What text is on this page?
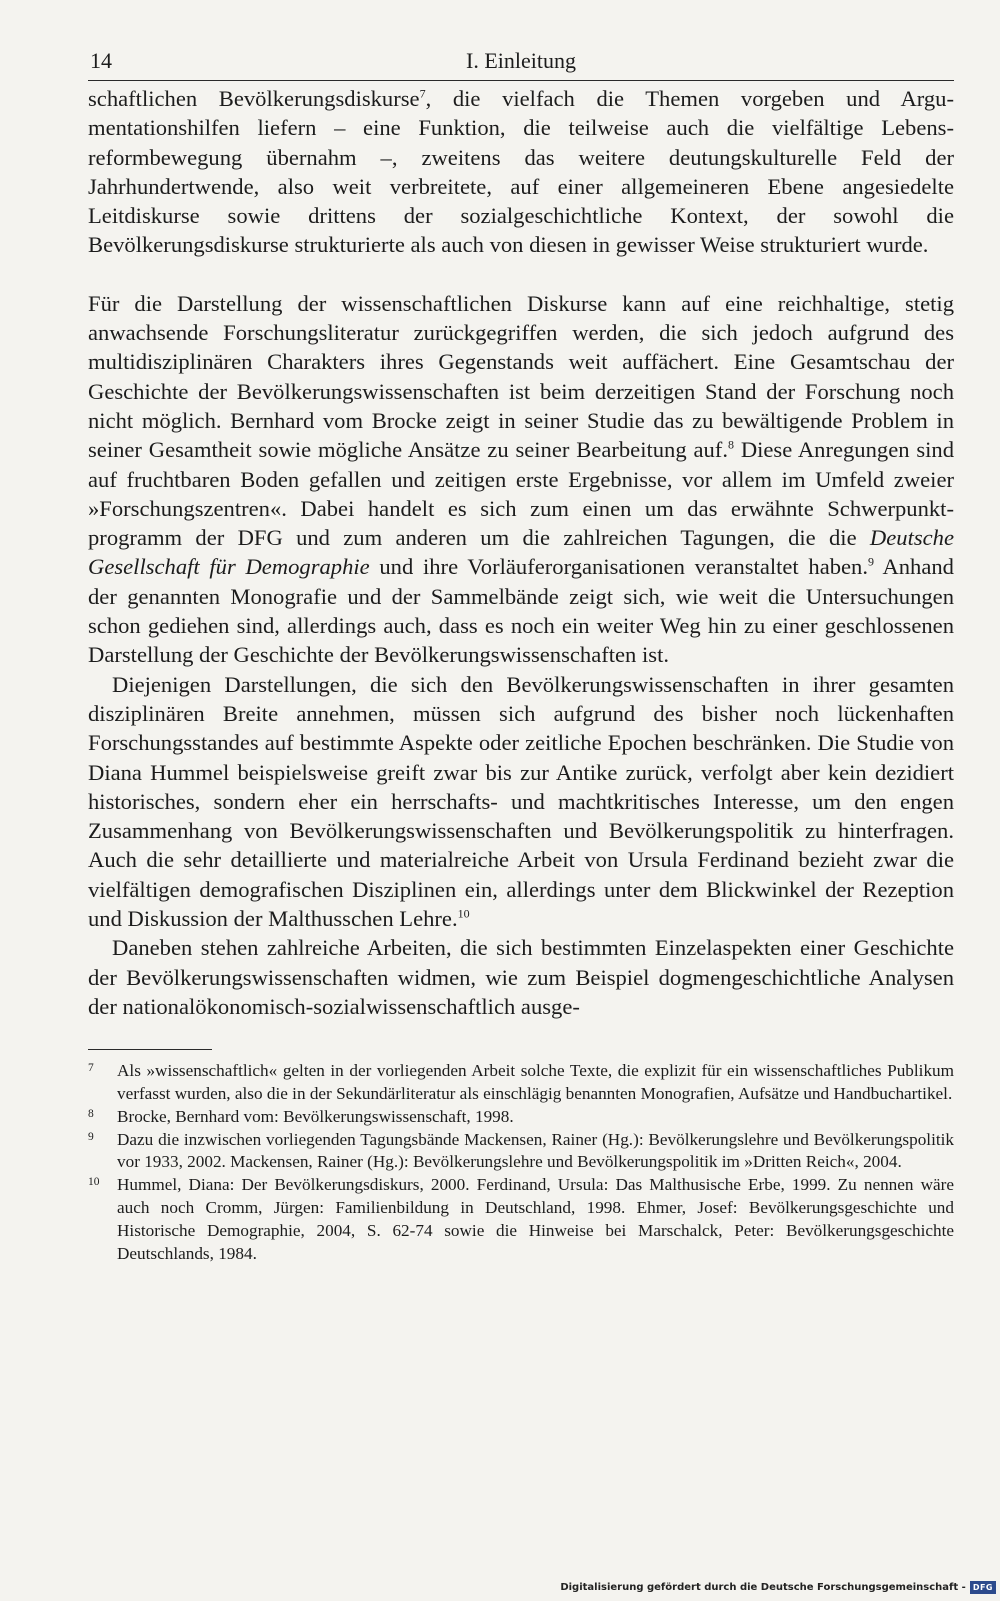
14	I. Einleitung

schaftlichen Bevölkerungsdiskurse$^7$, die vielfach die Themen vorgeben und Argumentationshilfen liefern – eine Funktion, die teilweise auch die vielfältige Lebensreformbewegung übernahm –, zweitens das weitere deutungskulturelle Feld der Jahrhundertwende, also weit verbreitete, auf einer allgemeineren Ebene angesiedelte Leitdiskurse sowie drittens der sozialgeschichtliche Kontext, der sowohl die Bevölkerungsdiskurse strukturierte als auch von diesen in gewisser Weise strukturiert wurde.

Für die Darstellung der wissenschaftlichen Diskurse kann auf eine reichhaltige, stetig anwachsende Forschungsliteratur zurückgegriffen werden, die sich jedoch aufgrund des multidisziplinären Charakters ihres Gegenstands weit auffächert. Eine Gesamtschau der Geschichte der Bevölkerungswissenschaften ist beim derzeitigen Stand der Forschung noch nicht möglich. Bernhard vom Brocke zeigt in seiner Studie das zu bewältigende Problem in seiner Gesamtheit sowie mögliche Ansätze zu seiner Bearbeitung auf.$^8$ Diese Anregungen sind auf fruchtbaren Boden gefallen und zeitigen erste Ergebnisse, vor allem im Umfeld zweier »Forschungszentren«. Dabei handelt es sich zum einen um das erwähnte Schwerpunktprogramm der DFG und zum anderen um die zahlreichen Tagungen, die die Deutsche Gesellschaft für Demographie und ihre Vorläuferorganisationen veranstaltet haben.$^9$ Anhand der genannten Monografie und der Sammelbände zeigt sich, wie weit die Untersuchungen schon gediehen sind, allerdings auch, dass es noch ein weiter Weg hin zu einer geschlossenen Darstellung der Geschichte der Bevölkerungswissenschaften ist.

Diejenigen Darstellungen, die sich den Bevölkerungswissenschaften in ihrer gesamten disziplinären Breite annehmen, müssen sich aufgrund des bisher noch lückenhaften Forschungsstandes auf bestimmte Aspekte oder zeitliche Epochen beschränken. Die Studie von Diana Hummel beispielsweise greift zwar bis zur Antike zurück, verfolgt aber kein dezidiert historisches, sondern eher ein herrschafts- und machtkritisches Interesse, um den engen Zusammenhang von Bevölkerungswissenschaften und Bevölkerungspolitik zu hinterfragen. Auch die sehr detaillierte und materialreiche Arbeit von Ursula Ferdinand bezieht zwar die vielfältigen demografischen Disziplinen ein, allerdings unter dem Blickwinkel der Rezeption und Diskussion der Malthusschen Lehre.$^{10}$

Daneben stehen zahlreiche Arbeiten, die sich bestimmten Einzelaspekten einer Geschichte der Bevölkerungswissenschaften widmen, wie zum Beispiel dogmengeschichtliche Analysen der nationalökonomisch-sozialwissenschaftlich ausge-

7 Als »wissenschaftlich« gelten in der vorliegenden Arbeit solche Texte, die explizit für ein wissenschaftliches Publikum verfasst wurden, also die in der Sekundärliteratur als einschlägig benannten Monografien, Aufsätze und Handbuchartikel.
8 Brocke, Bernhard vom: Bevölkerungswissenschaft, 1998.
9 Dazu die inzwischen vorliegenden Tagungsbände Mackensen, Rainer (Hg.): Bevölkerungslehre und Bevölkerungspolitik vor 1933, 2002. Mackensen, Rainer (Hg.): Bevölkerungslehre und Bevölkerungspolitik im »Dritten Reich«, 2004.
10 Hummel, Diana: Der Bevölkerungsdiskurs, 2000. Ferdinand, Ursula: Das Malthusische Erbe, 1999. Zu nennen wäre auch noch Cromm, Jürgen: Familienbildung in Deutschland, 1998. Ehmer, Josef: Bevölkerungsgeschichte und Historische Demographie, 2004, S. 62-74 sowie die Hinweise bei Marschalck, Peter: Bevölkerungsgeschichte Deutschlands, 1984.
Digitalisierung gefördert durch die Deutsche Forschungsgemeinschaft - DFG
